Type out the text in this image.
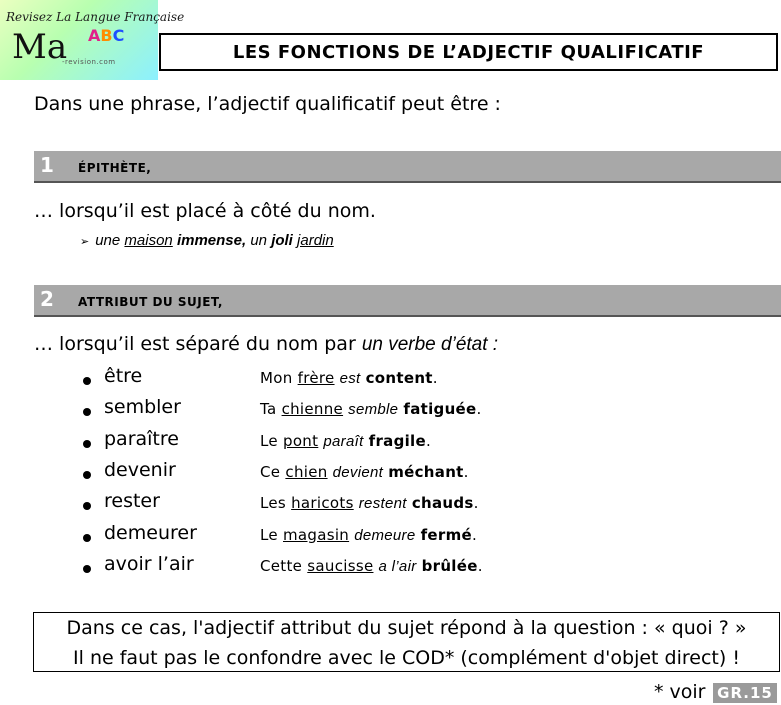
Revisez La Langue Française
Ma ABC
-revision.com	LES FONCTIONS DE L’ADJECTIF QUALIFICATIF
Dans une phrase, l’adjectif qualificatif peut être :
1 ÉPITHÈTE,
… lorsqu’il est placé à côté du nom.
➢ une maison immense, un joli jardin
2 ATTRIBUT DU SUJET,
… lorsqu’il est séparé du nom par un verbe d’état :
être	Mon frère est content.
sembler	Ta chienne semble fatiguée.
paraître	Le pont paraît fragile.
devenir	Ce chien devient méchant.
rester	Les haricots restent chauds.
demeurer	Le magasin demeure fermé.
avoir l’air	Cette saucisse a l’air brûlée.
Dans ce cas, l'adjectif attribut du sujet répond à la question : « quoi ? »
Il ne faut pas le confondre avec le COD* (complément d'objet direct) !
* voir GR.15
